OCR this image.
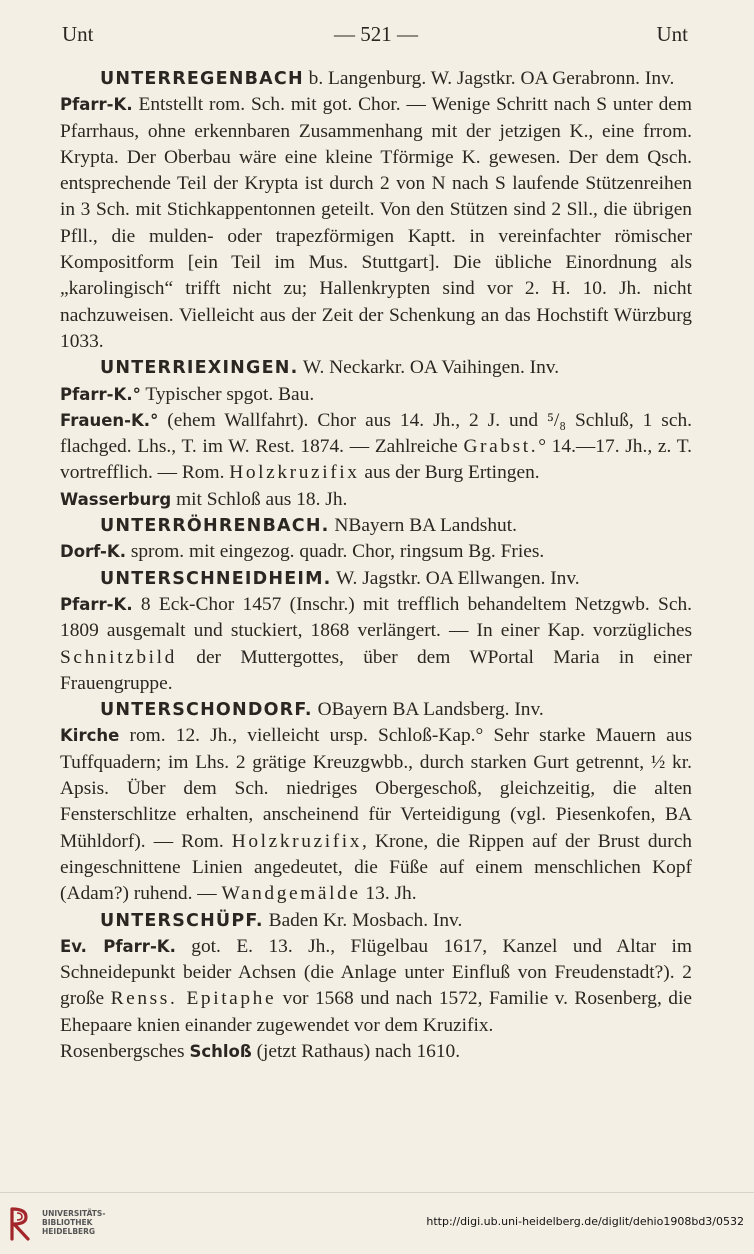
Unt	— 521 —	Unt

UNTERREGENBACH b. Langenburg. W. Jagstkr. OA Gerabronn. Inv.

Pfarr-K. Entstellt rom. Sch. mit got. Chor. — Wenige Schritt nach S unter dem Pfarrhaus, ohne erkennbaren Zusammenhang mit der jetzigen K., eine frrom. Krypta. Der Oberbau wäre eine kleine Tförmige K. gewesen. Der dem Qsch. entsprechende Teil der Krypta ist durch 2 von N nach S laufende Stützenreihen in 3 Sch. mit Stichkappentonnen geteilt. Von den Stützen sind 2 Sll., die übrigen Pfll., die mulden- oder trapezförmigen Kaptt. in vereinfachter römischer Kompositform [ein Teil im Mus. Stuttgart]. Die übliche Einordnung als „karolingisch“ trifft nicht zu; Hallenkrypten sind vor 2. H. 10. Jh. nicht nachzuweisen. Vielleicht aus der Zeit der Schenkung an das Hochstift Würzburg 1033.

UNTERRIEXINGEN. W. Neckarkr. OA Vaihingen. Inv.

Pfarr-K.° Typischer spgot. Bau.

Frauen-K.° (ehem Wallfahrt). Chor aus 14. Jh., 2 J. und ⁵/₈ Schluß, 1 sch. flachged. Lhs., T. im W. Rest. 1874. — Zahlreiche Grabst.° 14.—17. Jh., z. T. vortrefflich. — Rom. Holzkruzifix aus der Burg Ertingen.

Wasserburg mit Schloß aus 18. Jh.

UNTERRÖHRENBACH. NBayern BA Landshut.

Dorf-K. sprom. mit eingezog. quadr. Chor, ringsum Bg. Fries.

UNTERSCHNEIDHEIM. W. Jagstkr. OA Ellwangen. Inv.

Pfarr-K. 8 Eck-Chor 1457 (Inschr.) mit trefflich behandeltem Netzgwb. Sch. 1809 ausgemalt und stuckiert, 1868 verlängert. — In einer Kap. vorzügliches Schnitzbild der Muttergottes, über dem WPortal Maria in einer Frauengruppe.

UNTERSCHONDORF. OBayern BA Landsberg. Inv.

Kirche rom. 12. Jh., vielleicht ursp. Schloß-Kap.° Sehr starke Mauern aus Tuffquadern; im Lhs. 2 grätige Kreuzgwbb., durch starken Gurt getrennt, ½ kr. Apsis. Über dem Sch. niedriges Obergeschoß, gleichzeitig, die alten Fensterschlitze erhalten, anscheinend für Verteidigung (vgl. Piesenkofen, BA Mühldorf). — Rom. Holzkruzifix, Krone, die Rippen auf der Brust durch eingeschnittene Linien angedeutet, die Füße auf einem menschlichen Kopf (Adam?) ruhend. — Wandgemälde 13. Jh.

UNTERSCHÜPF. Baden Kr. Mosbach. Inv.

Ev. Pfarr-K. got. E. 13. Jh., Flügelbau 1617, Kanzel und Altar im Schneidepunkt beider Achsen (die Anlage unter Einfluß von Freudenstadt?). 2 große Renss. Epitaphe vor 1568 und nach 1572, Familie v. Rosenberg, die Ehepaare knien einander zugewendet vor dem Kruzifix.

Rosenbergsches Schloß (jetzt Rathaus) nach 1610.

UNIVERSITÄTS-
BIBLIOTHEK
HEIDELBERG
http://digi.ub.uni-heidelberg.de/diglit/dehio1908bd3/0532
